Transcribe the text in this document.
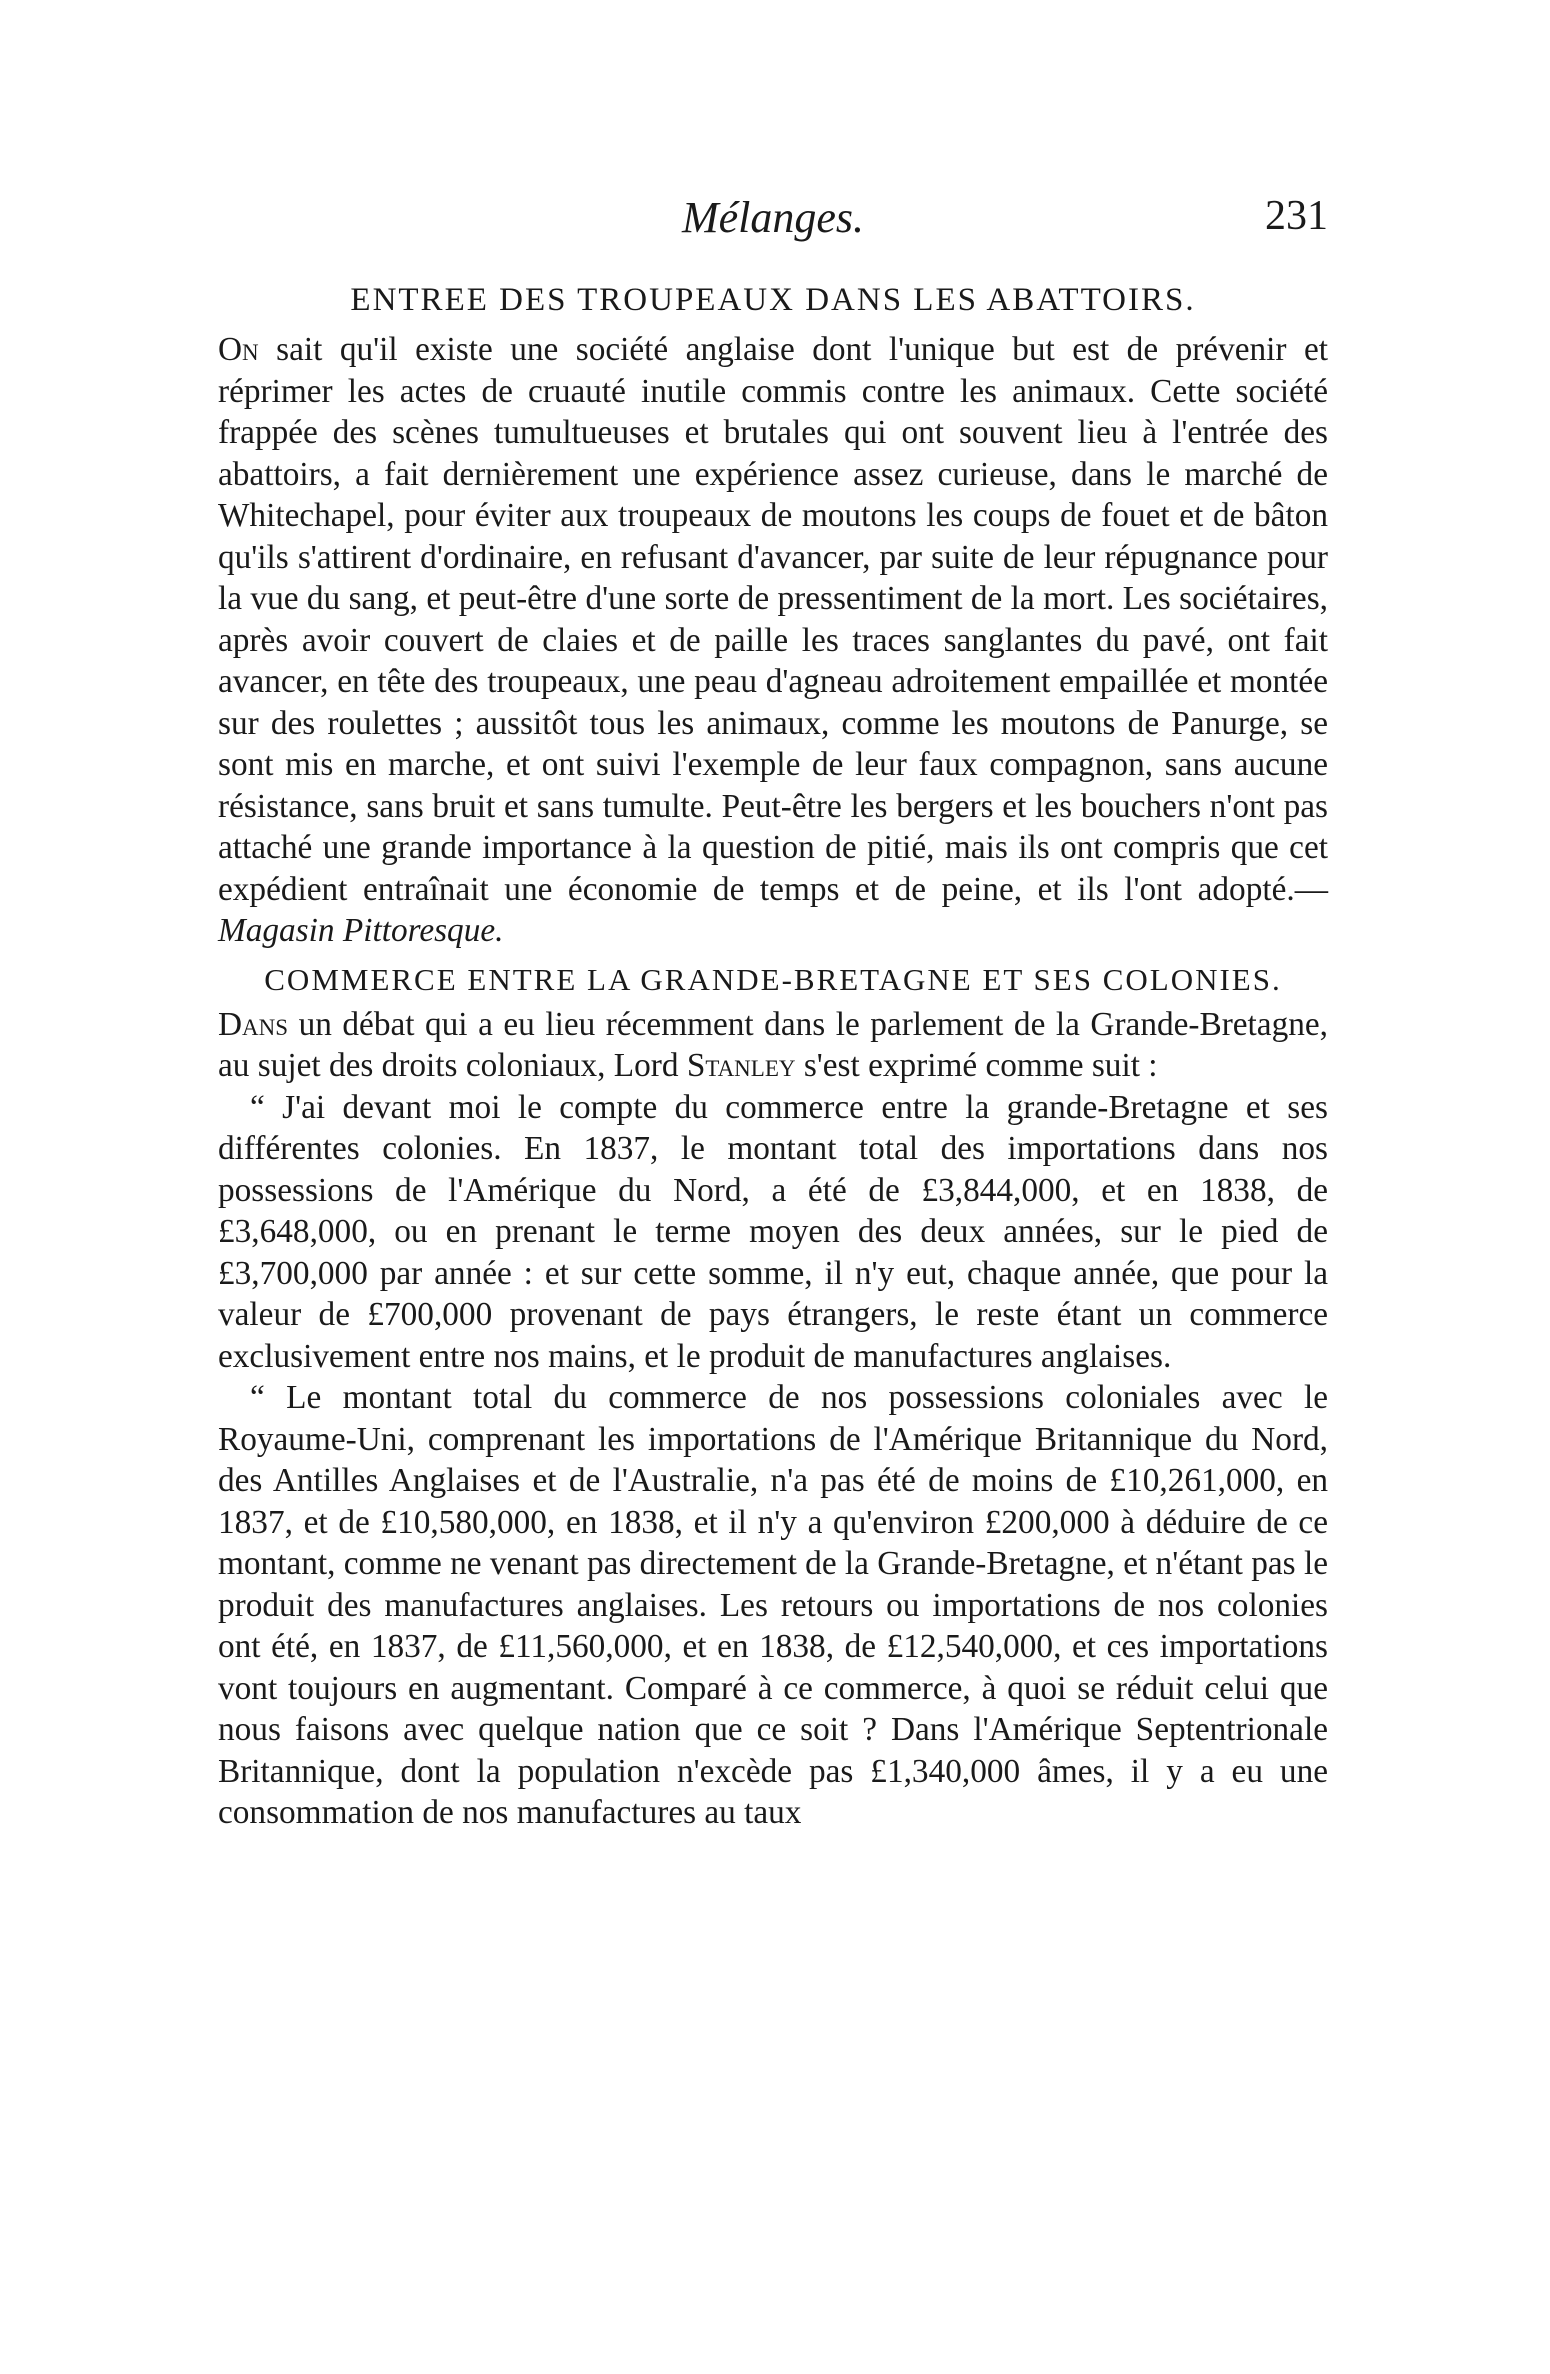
Mélanges.	231
ENTREE DES TROUPEAUX DANS LES ABATTOIRS.

On sait qu'il existe une société anglaise dont l'unique but est de prévenir et réprimer les actes de cruauté inutile commis contre les animaux. Cette société frappée des scènes tumultueuses et brutales qui ont souvent lieu à l'entrée des abattoirs, a fait dernièrement une expérience assez curieuse, dans le marché de Whitechapel, pour éviter aux troupeaux de moutons les coups de fouet et de bâton qu'ils s'attirent d'ordinaire, en refusant d'avancer, par suite de leur répugnance pour la vue du sang, et peut-être d'une sorte de pressentiment de la mort. Les sociétaires, après avoir couvert de claies et de paille les traces sanglantes du pavé, ont fait avancer, en tête des troupeaux, une peau d'agneau adroitement empaillée et montée sur des roulettes ; aussitôt tous les animaux, comme les moutons de Panurge, se sont mis en marche, et ont suivi l'exemple de leur faux compagnon, sans aucune résistance, sans bruit et sans tumulte. Peut-être les bergers et les bouchers n'ont pas attaché une grande importance à la question de pitié, mais ils ont compris que cet expédient entraînait une économie de temps et de peine, et ils l'ont adopté.—Magasin Pittoresque.

COMMERCE ENTRE LA GRANDE-BRETAGNE ET SES COLONIES.

Dans un débat qui a eu lieu récemment dans le parlement de la Grande-Bretagne, au sujet des droits coloniaux, Lord Stanley s'est exprimé comme suit :

“ J'ai devant moi le compte du commerce entre la grande-Bretagne et ses différentes colonies. En 1837, le montant total des importations dans nos possessions de l'Amérique du Nord, a été de £3,844,000, et en 1838, de £3,648,000, ou en prenant le terme moyen des deux années, sur le pied de £3,700,000 par année : et sur cette somme, il n'y eut, chaque année, que pour la valeur de £700,000 provenant de pays étrangers, le reste étant un commerce exclusivement entre nos mains, et le produit de manufactures anglaises.

“ Le montant total du commerce de nos possessions coloniales avec le Royaume-Uni, comprenant les importations de l'Amérique Britannique du Nord, des Antilles Anglaises et de l'Australie, n'a pas été de moins de £10,261,000, en 1837, et de £10,580,000, en 1838, et il n'y a qu'environ £200,000 à déduire de ce montant, comme ne venant pas directement de la Grande-Bretagne, et n'étant pas le produit des manufactures anglaises. Les retours ou importations de nos colonies ont été, en 1837, de £11,560,000, et en 1838, de £12,540,000, et ces importations vont toujours en augmentant. Comparé à ce commerce, à quoi se réduit celui que nous faisons avec quelque nation que ce soit ? Dans l'Amérique Septentrionale Britannique, dont la population n'excède pas £1,340,000 âmes, il y a eu une consommation de nos manufactures au taux
